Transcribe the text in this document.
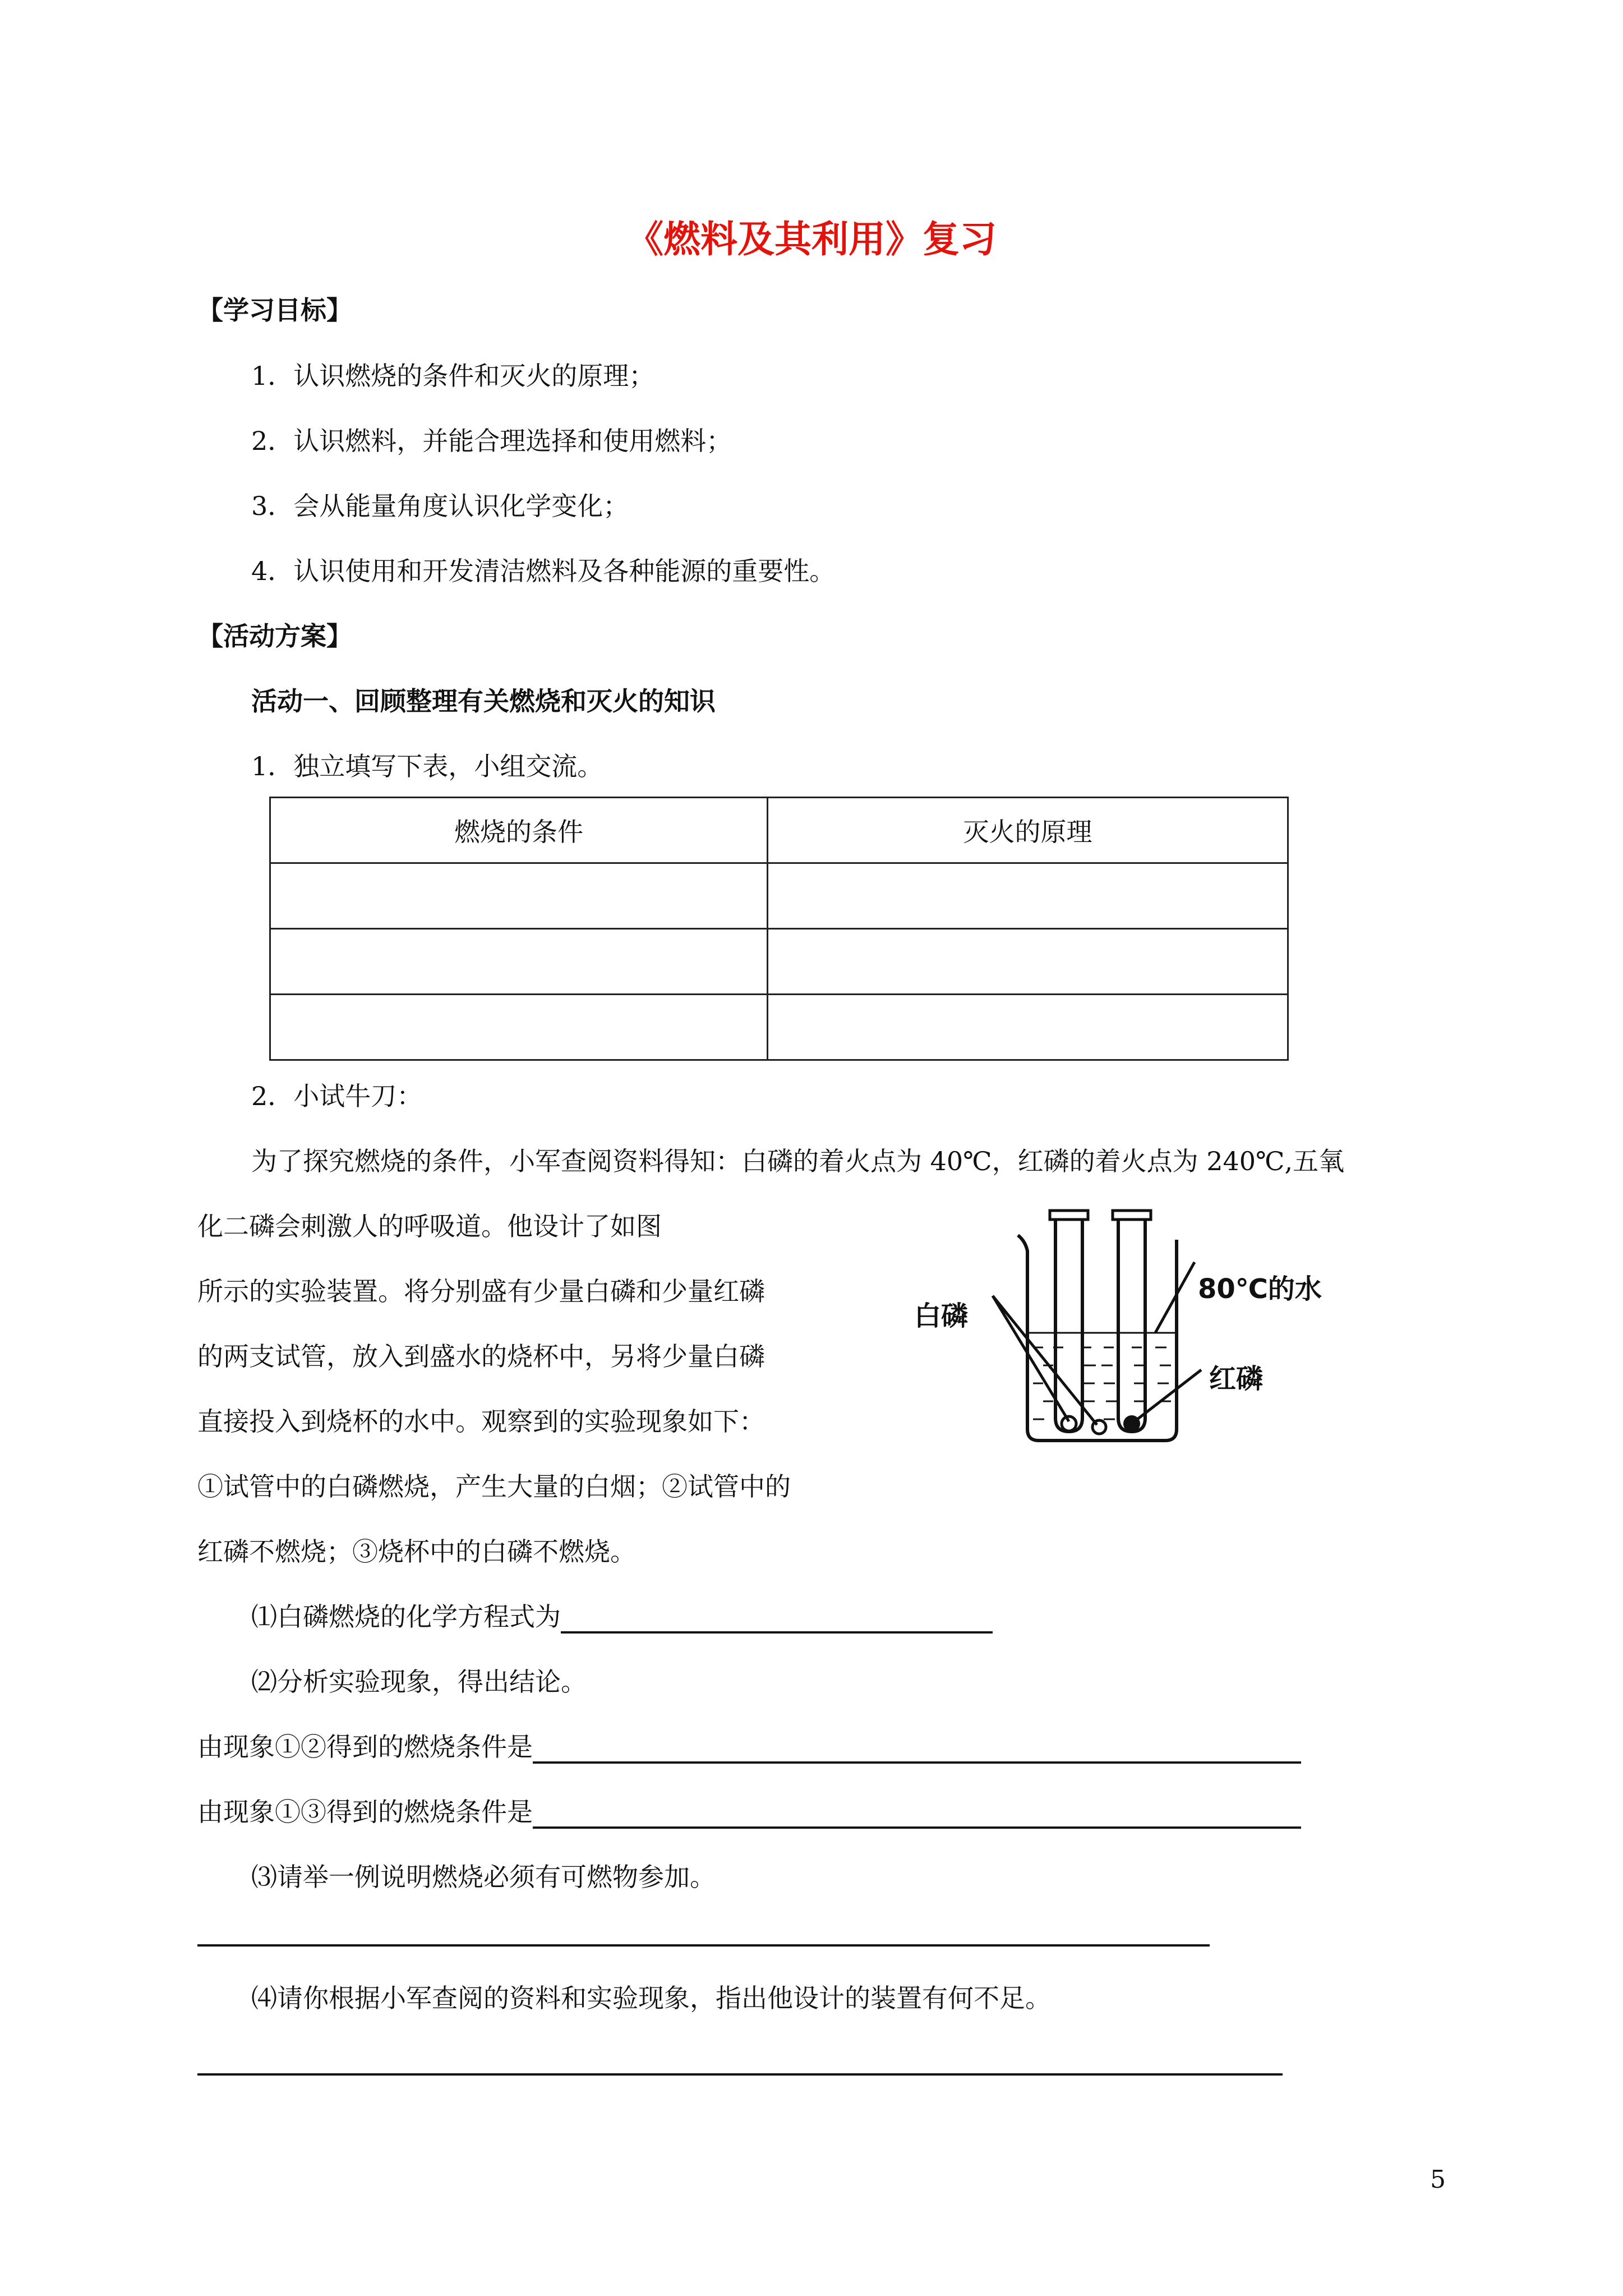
《燃料及其利用》复习
【学习目标】
1．认识燃烧的条件和灭火的原理；
2．认识燃料，并能合理选择和使用燃料；
3．会从能量角度认识化学变化；
4．认识使用和开发清洁燃料及各种能源的重要性。
【活动方案】
活动一、回顾整理有关燃烧和灭火的知识
1．独立填写下表，小组交流。
燃烧的条件	灭火的原理

2．小试牛刀：
为了探究燃烧的条件，小军查阅资料得知：白磷的着火点为 40℃，红磷的着火点为 240℃,五氧
化二磷会刺激人的呼吸道。他设计了如图
所示的实验装置。将分别盛有少量白磷和少量红磷
的两支试管，放入到盛水的烧杯中，另将少量白磷
直接投入到烧杯的水中。观察到的实验现象如下：
①试管中的白磷燃烧，产生大量的白烟；②试管中的
红磷不燃烧；③烧杯中的白磷不燃烧。
白磷
红磷
80℃的水
⑴白磷燃烧的化学方程式为
⑵分析实验现象，得出结论。
由现象①②得到的燃烧条件是
由现象①③得到的燃烧条件是
⑶请举一例说明燃烧必须有可燃物参加。
⑷请你根据小军查阅的资料和实验现象，指出他设计的装置有何不足。
5
